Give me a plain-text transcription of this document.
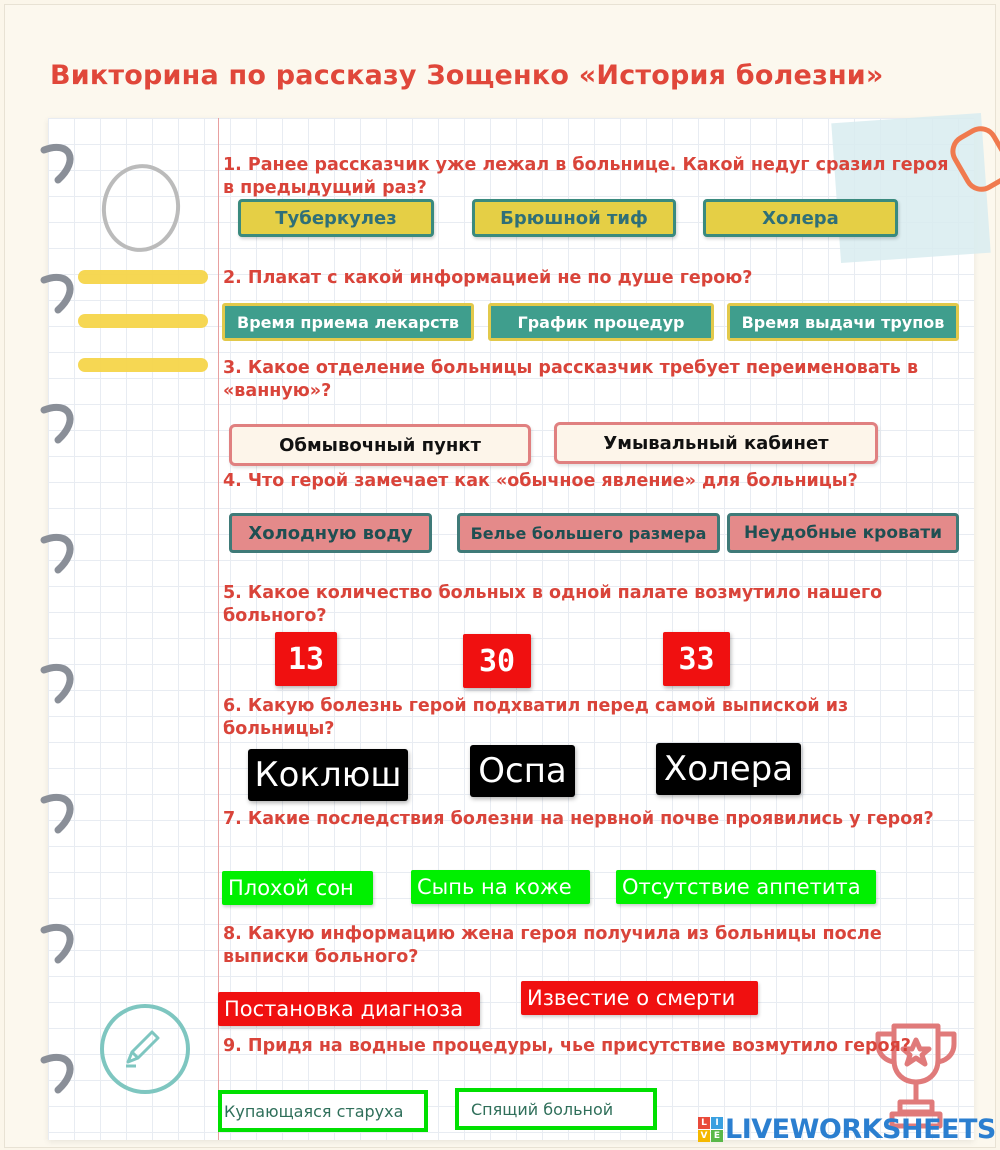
Викторина по рассказу Зощенко «История болезни»
1. Ранее рассказчик уже лежал в больнице. Какой недуг сразил героя в предыдущий раз?
Туберкулез	Брюшной тиф	Холера
2. Плакат с какой информацией не по душе герою?
Время приема лекарств	График процедур	Время выдачи трупов
3. Какое отделение больницы рассказчик требует переименовать в «ванную»?
Обмывочный пункт	Умывальный кабинет
4. Что герой замечает как «обычное явление» для больницы?
Холодную воду	Белье большего размера	Неудобные кровати
5. Какое количество больных в одной палате возмутило нашего больного?
13	30	33
6. Какую болезнь герой подхватил перед самой выпиской из больницы?
Коклюш Оспа	Холера
7. Какие последствия болезни на нервной почве проявились у героя?
Плохой сон	Сыпь на коже	Отсутствие аппетита
8. Какую информацию жена героя получила из больницы после выписки больного?
Постановка диагноза	Известие о смерти
9. Придя на водные процедуры, чье присутствие возмутило героя?
Купающаяся старуха	Спящий больной
L I
V E LIVEWORKSHEETS
